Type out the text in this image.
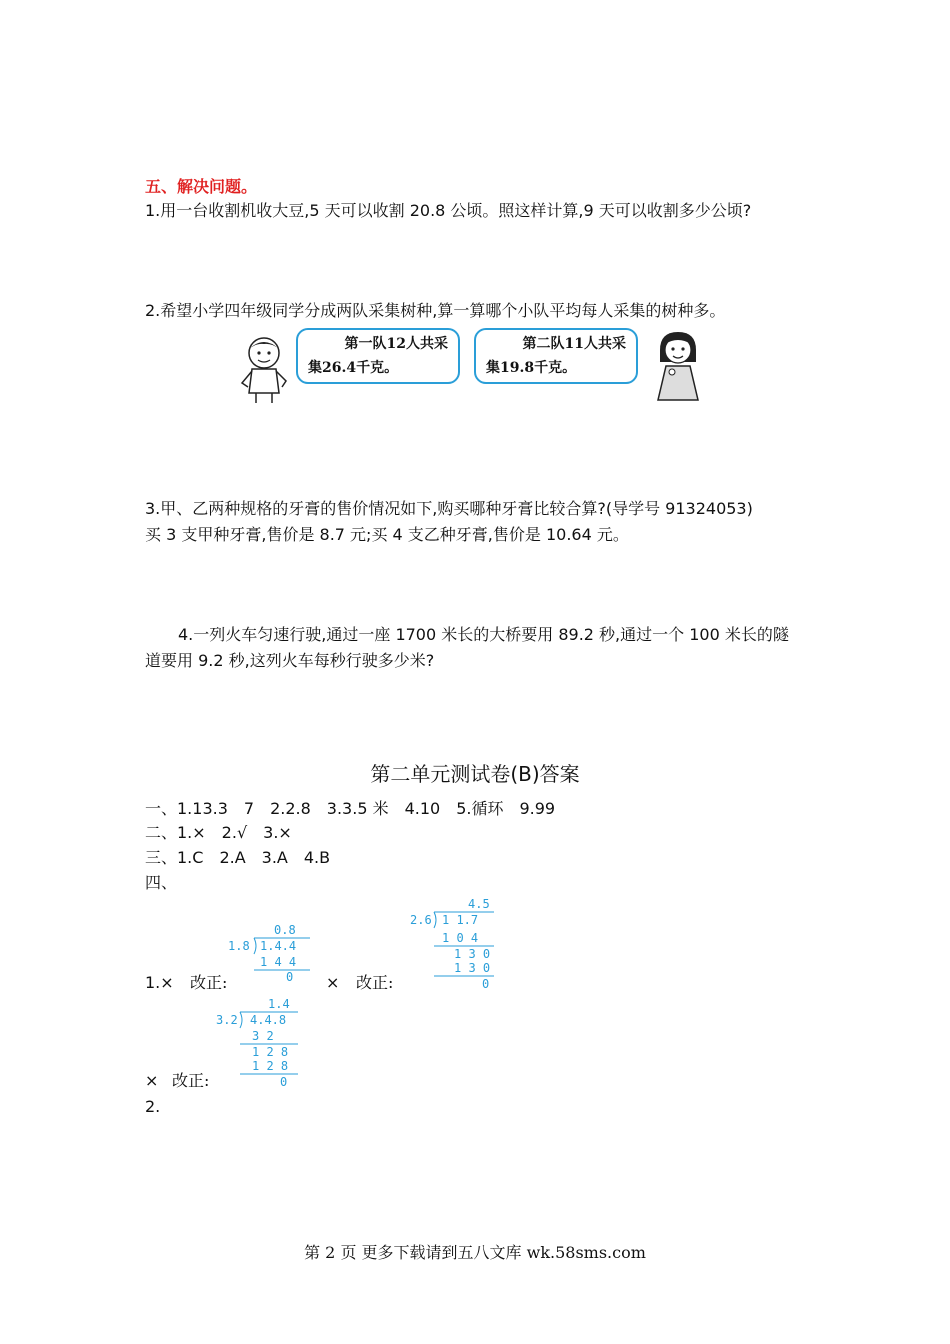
五、解决问题。
1.用一台收割机收大豆,5 天可以收割 20.8 公顷。照这样计算,9 天可以收割多少公顷?
2.希望小学四年级同学分成两队采集树种,算一算哪个小队平均每人采集的树种多。
第一队12人共采
集26.4千克。
第二队11人共采
集19.8千克。
3.甲、乙两种规格的牙膏的售价情况如下,购买哪种牙膏比较合算?(导学号 91324053)
买 3 支甲种牙膏,售价是 8.7 元;买 4 支乙种牙膏,售价是 10.64 元。
4.一列火车匀速行驶,通过一座 1700 米长的大桥要用 89.2 秒,通过一个 100 米长的隧
道要用 9.2 秒,这列火车每秒行驶多少米?
第二单元测试卷(B)答案
一、1.13.3　7　2.2.8　3.3.5 米　4.10　5.循环　9.99
二、1.×　2.√　3.×
三、1.C　2.A　3.A　4.B
四、
0.8
1.8 1.4.4
1 4 4
0
4.5
2.6 1 1.7
1 0 4
1 3 0
1 3 0
0
1.× 改正:	× 改正:
1.4
3.2 4.4.8
3 2
1 2 8
1 2 8
0
× 改正:
2.
第 2 页 更多下载请到五八文库 wk.58sms.com
